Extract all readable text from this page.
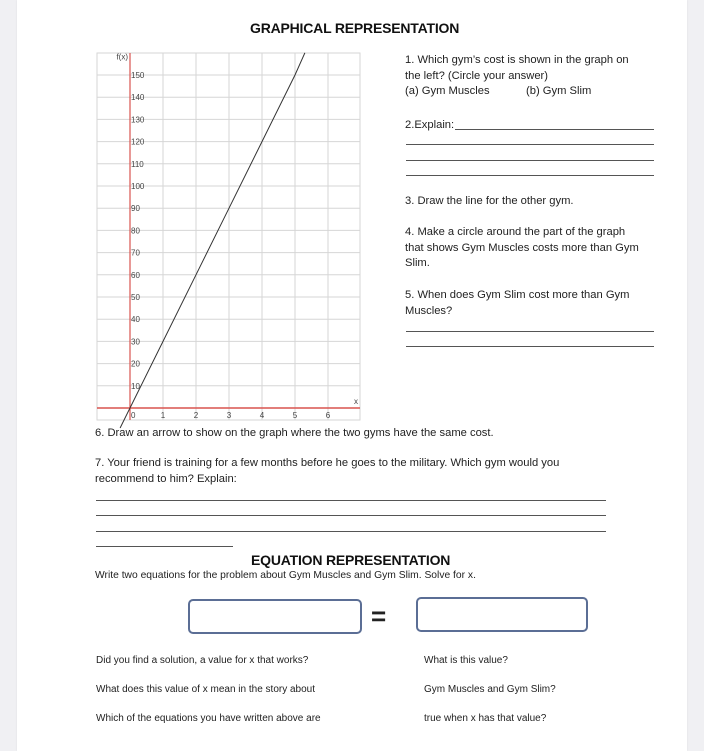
GRAPHICAL REPRESENTATION
10
20
30
40
50
60
70
80
90
100
110
120
130
140
150
1	2	3	4	5	6
0
x
f(x)	1. Which gym’s cost is shown in the graph on
the left? (Circle your answer)
(a) Gym Muscles	(b) Gym Slim
2.Explain:
3. Draw the line for the other gym.
4. Make a circle around the part of the graph
that shows Gym Muscles costs more than Gym
Slim.
5. When does Gym Slim cost more than Gym
Muscles?
6. Draw an arrow to show on the graph where the two gyms have the same cost.
7. Your friend is training for a few months before he goes to the military. Which gym would you
recommend to him? Explain:
EQUATION REPRESENTATION
Write two equations for the problem about Gym Muscles and Gym Slim. Solve for x.
=
Did you find a solution, a value for x that works?	What is this value?
What does this value of x mean in the story about	Gym Muscles and Gym Slim?
Which of the equations you have written above are	true when x has that value?
